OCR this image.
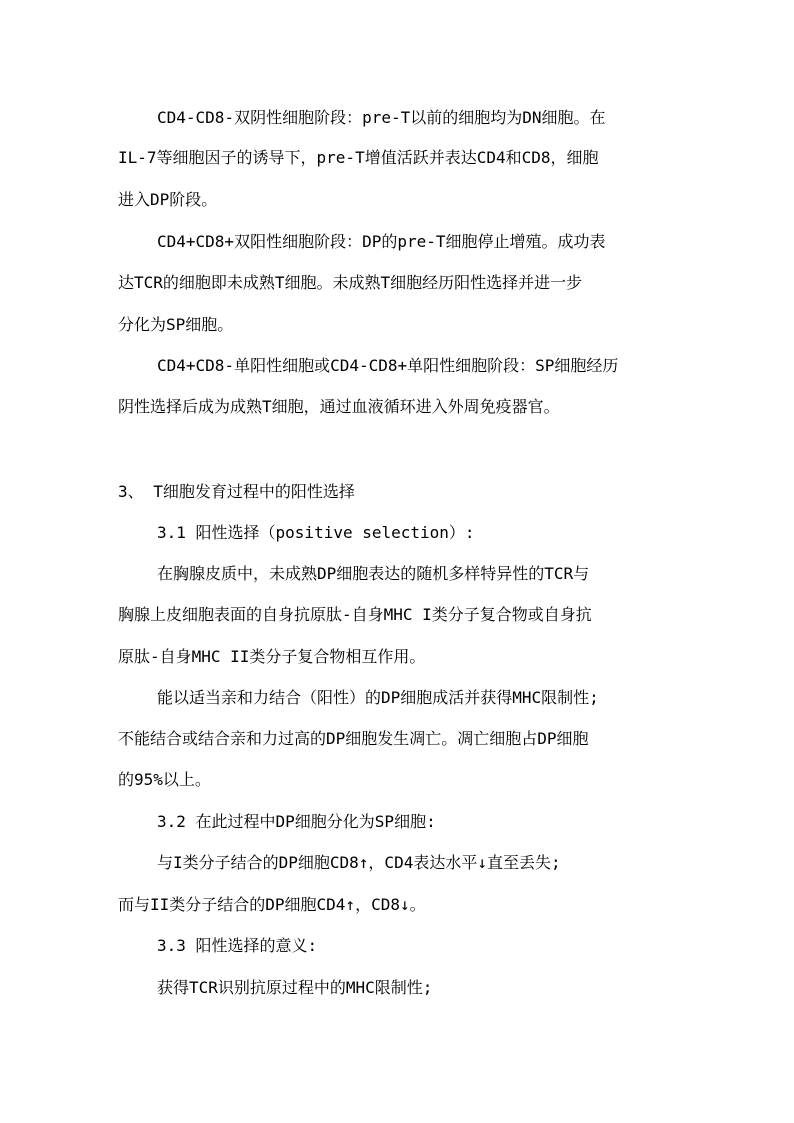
CD4-CD8-双阴性细胞阶段：pre-T以前的细胞均为DN细胞。在
IL-7等细胞因子的诱导下，pre-T增值活跃并表达CD4和CD8，细胞
进入DP阶段。
CD4+CD8+双阳性细胞阶段：DP的pre-T细胞停止增殖。成功表
达TCR的细胞即未成熟T细胞。未成熟T细胞经历阳性选择并进一步
分化为SP细胞。
CD4+CD8-单阳性细胞或CD4-CD8+单阳性细胞阶段：SP细胞经历
阴性选择后成为成熟T细胞，通过血液循环进入外周免疫器官。
3、 T细胞发育过程中的阳性选择
3.1 阳性选择（positive selection）:
在胸腺皮质中，未成熟DP细胞表达的随机多样特异性的TCR与
胸腺上皮细胞表面的自身抗原肽-自身MHC I类分子复合物或自身抗
原肽-自身MHC II类分子复合物相互作用。
能以适当亲和力结合（阳性）的DP细胞成活并获得MHC限制性;
不能结合或结合亲和力过高的DP细胞发生凋亡。凋亡细胞占DP细胞
的95%以上。
3.2 在此过程中DP细胞分化为SP细胞:
与I类分子结合的DP细胞CD8↑，CD4表达水平↓直至丢失;
而与II类分子结合的DP细胞CD4↑，CD8↓。
3.3 阳性选择的意义:
获得TCR识别抗原过程中的MHC限制性;
